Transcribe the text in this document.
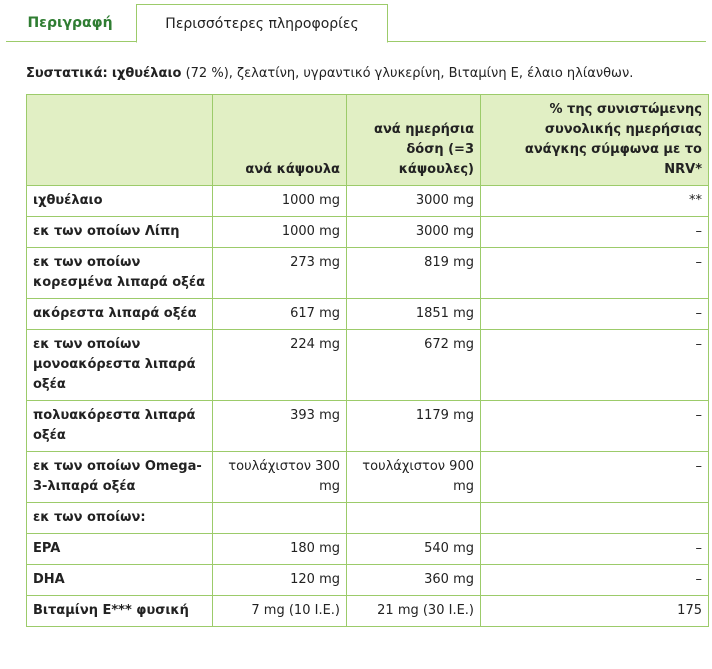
Περιγραφή	Περισσότερες πληροφορίες
Συστατικά: ιχθυέλαιο (72 %), ζελατίνη, υγραντικό γλυκερίνη, Βιταμίνη E, έλαιο ηλίανθων.
	ανά κάψουλα	ανά ημερήσια δόση (=3 κάψουλες)	% της συνιστώμενης συνολικής ημερήσιας ανάγκης σύμφωνα με το NRV*
ιχθυέλαιο	1000 mg	3000 mg	**
εκ των οποίων Λίπη	1000 mg	3000 mg	–
εκ των οποίων κορεσμένα λιπαρά οξέα	273 mg	819 mg	–
ακόρεστα λιπαρά οξέα	617 mg	1851 mg	–
εκ των οποίων μονοακόρεστα λιπαρά οξέα	224 mg	672 mg	–
πολυακόρεστα λιπαρά οξέα	393 mg	1179 mg	–
εκ των οποίων Omega-3-λιπαρά οξέα	τουλάχιστον 300 mg	τουλάχιστον 900 mg	–
εκ των οποίων:			
EPA	180 mg	540 mg	–
DHA	120 mg	360 mg	–
Βιταμίνη E*** φυσική	7 mg (10 I.E.)	21 mg (30 I.E.)	175
